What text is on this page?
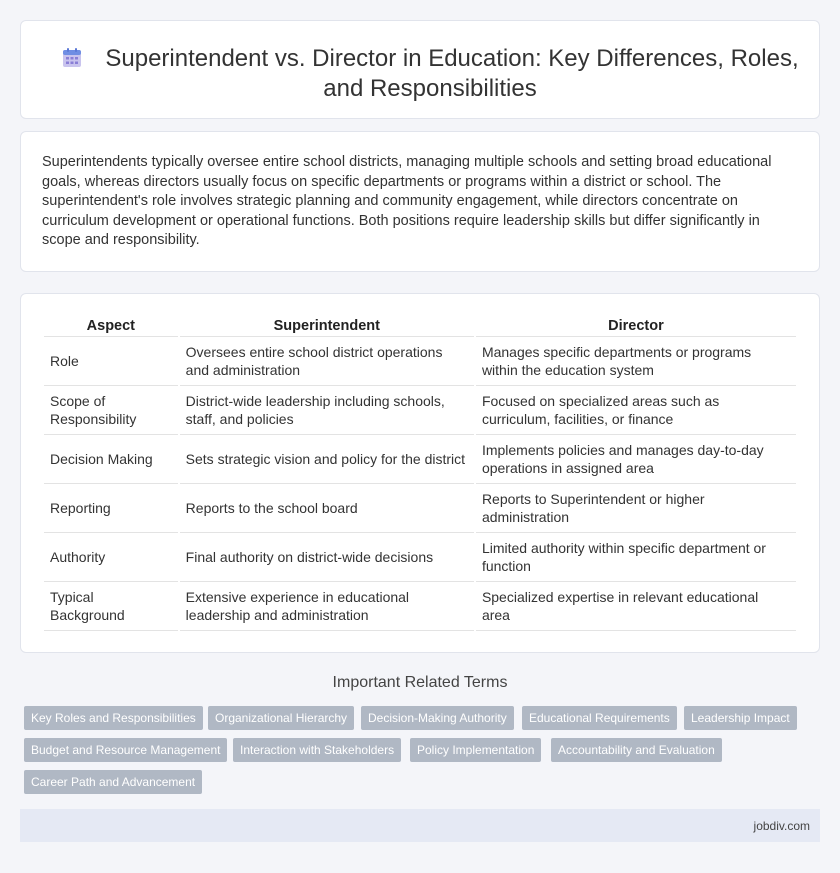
Superintendent vs. Director in Education: Key Differences, Roles, and Responsibilities

Superintendents typically oversee entire school districts, managing multiple schools and setting broad educational goals, whereas directors usually focus on specific departments or programs within a district or school. The superintendent's role involves strategic planning and community engagement, while directors concentrate on curriculum development or operational functions. Both positions require leadership skills but differ significantly in scope and responsibility.

Aspect	Superintendent	Director
Role	Oversees entire school district operations and administration	Manages specific departments or programs within the education system
Scope of Responsibility	District-wide leadership including schools, staff, and policies	Focused on specialized areas such as curriculum, facilities, or finance
Decision Making	Sets strategic vision and policy for the district	Implements policies and manages day-to-day operations in assigned area
Reporting	Reports to the school board	Reports to Superintendent or higher administration
Authority	Final authority on district-wide decisions	Limited authority within specific department or function
Typical Background	Extensive experience in educational leadership and administration	Specialized expertise in relevant educational area
Important Related Terms
Key Roles and Responsibilities	Organizational Hierarchy	Decision-Making Authority	Educational Requirements	Leadership Impact
Budget and Resource Management	Interaction with Stakeholders	Policy Implementation	Accountability and Evaluation
Career Path and Advancement
jobdiv.com
